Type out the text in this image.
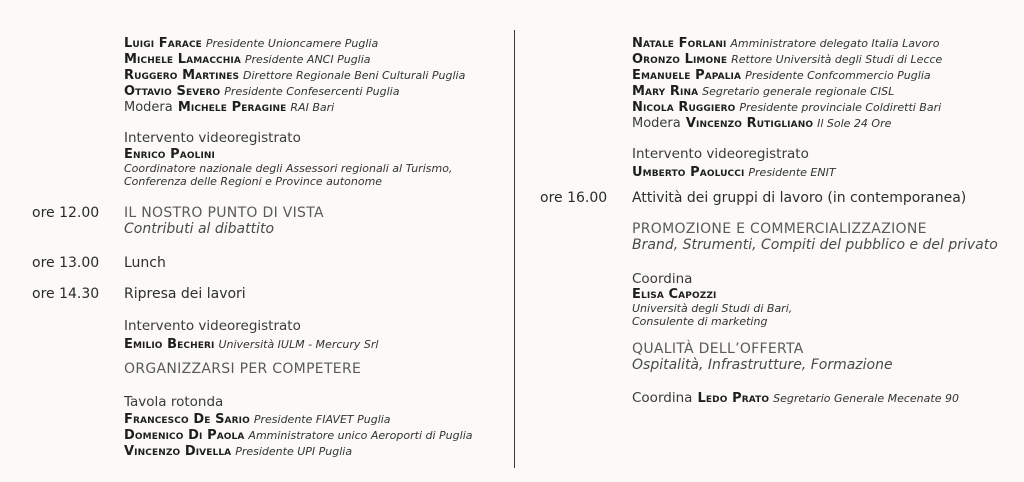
Luigi Farace Presidente Unioncamere Puglia
Michele Lamacchia Presidente ANCI Puglia
Ruggero Martines Direttore Regionale Beni Culturali Puglia
Ottavio Severo Presidente Confesercenti Puglia
Modera Michele Peragine RAI Bari
Intervento videoregistrato
Enrico Paolini
Coordinatore nazionale degli Assessori regionali al Turismo,
Conferenza delle Regioni e Province autonome
ore 12.00 IL NOSTRO PUNTO DI VISTA
Contributi al dibattito
ore 13.00 Lunch
ore 14.30 Ripresa dei lavori
Intervento videoregistrato
Emilio Becheri Università IULM - Mercury Srl
ORGANIZZARSI PER COMPETERE
Tavola rotonda
Francesco De Sario Presidente FIAVET Puglia
Domenico Di Paola Amministratore unico Aeroporti di Puglia
Vincenzo Divella Presidente UPI Puglia
Natale Forlani Amministratore delegato Italia Lavoro
Oronzo Limone Rettore Università degli Studi di Lecce
Emanuele Papalia Presidente Confcommercio Puglia
Mary Rina Segretario generale regionale CISL
Nicola Ruggiero Presidente provinciale Coldiretti Bari
Modera Vincenzo Rutigliano Il Sole 24 Ore
Intervento videoregistrato
Umberto Paolucci Presidente ENIT
ore 16.00 Attività dei gruppi di lavoro (in contemporanea)
PROMOZIONE E COMMERCIALIZZAZIONE
Brand, Strumenti, Compiti del pubblico e del privato
Coordina
Elisa Capozzi
Università degli Studi di Bari,
Consulente di marketing
QUALITÀ DELL’OFFERTA
Ospitalità, Infrastrutture, Formazione
Coordina Ledo Prato Segretario Generale Mecenate 90
